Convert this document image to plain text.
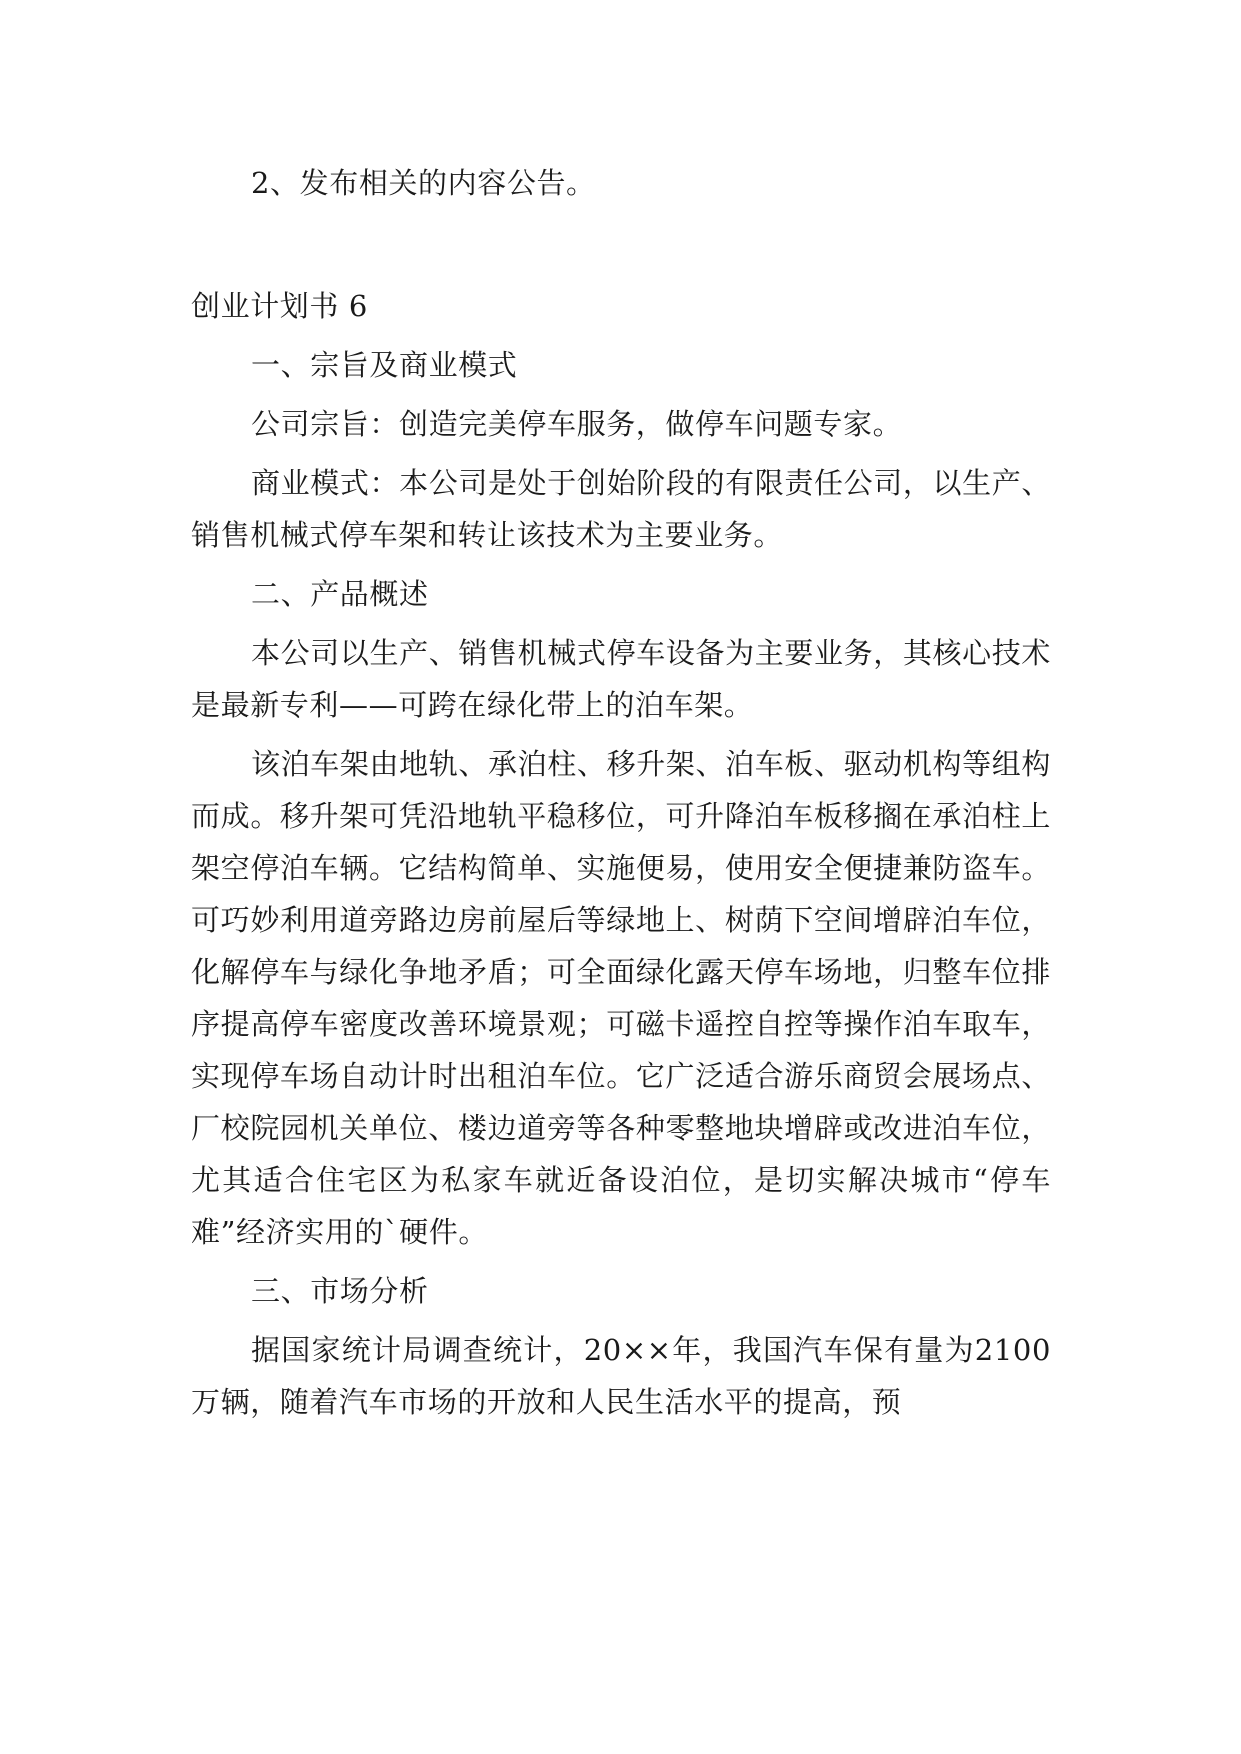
2、发布相关的内容公告。

创业计划书 6

一、宗旨及商业模式

公司宗旨：创造完美停车服务，做停车问题专家。

商业模式：本公司是处于创始阶段的有限责任公司，以生产、销售机械式停车架和转让该技术为主要业务。

二、产品概述

本公司以生产、销售机械式停车设备为主要业务，其核心技术是最新专利——可跨在绿化带上的泊车架。

该泊车架由地轨、承泊柱、移升架、泊车板、驱动机构等组构而成。移升架可凭沿地轨平稳移位，可升降泊车板移搁在承泊柱上架空停泊车辆。它结构简单、实施便易，使用安全便捷兼防盗车。可巧妙利用道旁路边房前屋后等绿地上、树荫下空间增辟泊车位，化解停车与绿化争地矛盾；可全面绿化露天停车场地，归整车位排序提高停车密度改善环境景观；可磁卡遥控自控等操作泊车取车，实现停车场自动计时出租泊车位。它广泛适合游乐商贸会展场点、厂校院园机关单位、楼边道旁等各种零整地块增辟或改进泊车位，尤其适合住宅区为私家车就近备设泊位，是切实解决城市“停车难”经济实用的`硬件。

三、市场分析

据国家统计局调查统计，20××年，我国汽车保有量为2100万辆，随着汽车市场的开放和人民生活水平的提高，预
